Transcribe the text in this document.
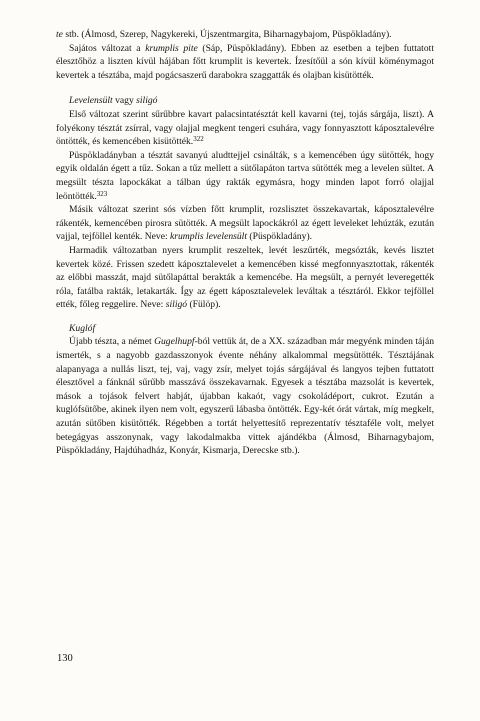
te stb. (Álmosd, Szerep, Nagykereki, Újszentmargita, Biharnagybajom, Püspökladány).

Sajátos változat a krumplis pite (Sáp, Püspökladány). Ebben az esetben a tejben futtatott élesztőhöz a liszten kívül hájában főtt krumplit is kevertek. Ízesítőül a són kívül köménymagot kevertek a tésztába, majd pogácsaszerű darabokra szaggatták és olajban kisütötték.

Levelensült vagy siligó

Első változat szerint sűrűbbre kavart palacsintatésztát kell kavarni (tej, tojás sárgája, liszt). A folyékony tésztát zsírral, vagy olajjal megkent tengeri csuhára, vagy fonnyasztott káposztalevélre öntötték, és kemencében kisütötték.$^{322}$

Püspökladányban a tésztát savanyú aludttejjel csinálták, s a kemencében úgy sütötték, hogy egyik oldalán égett a tűz. Sokan a tűz mellett a sütőlapáton tartva sütötték meg a levelen sültet. A megsült tészta lapockákat a tálban úgy rakták egymásra, hogy minden lapot forró olajjal leöntötték.$^{323}$

Másik változat szerint sós vízben főtt krumplit, rozslisztet összekavartak, káposztalevélre rákenték, kemencében pirosra sütötték. A megsült lapockákról az égett leveleket lehúzták, ezután vajjal, tejföllel kenték. Neve: krumplis levelensült (Püspökladány).

Harmadik változatban nyers krumplit reszeltek, levét leszűrték, megsózták, kevés lisztet kevertek közé. Frissen szedett káposztalevelet a kemencében kissé megfonnyasztottak, rákenték az előbbi masszát, majd sütőlapáttal berakták a kemencébe. Ha megsült, a pernyét leveregették róla, fatálba rakták, letakarták. Így az égett káposztalevelek leváltak a tésztáról. Ekkor tejföllel ették, főleg reggelire. Neve: siligó (Fülöp).

Kuglóf

Újabb tészta, a német Gugelhupf-ból vettük át, de a XX. században már megyénk minden táján ismerték, s a nagyobb gazdasszonyok évente néhány alkalommal megsütötték. Tésztájának alapanyaga a nullás liszt, tej, vaj, vagy zsír, melyet tojás sárgájával és langyos tejben futtatott élesztővel a fánknál sűrűbb masszává összekavarnak. Egyesek a tésztába mazsolát is kevertek, mások a tojások felvert habját, újabban kakaót, vagy csokoládéport, cukrot. Ezután a kuglófsütőbe, akinek ilyen nem volt, egyszerű lábasba öntötték. Egy-két órát vártak, míg megkelt, azután sütőben kisütötték. Régebben a tortát helyettesítő reprezentatív tésztaféle volt, melyet betegágyas asszonynak, vagy lakodalmakba vittek ajándékba (Álmosd, Biharnagybajom, Püspökladány, Hajdúhadház, Konyár, Kismarja, Derecske stb.).

130
